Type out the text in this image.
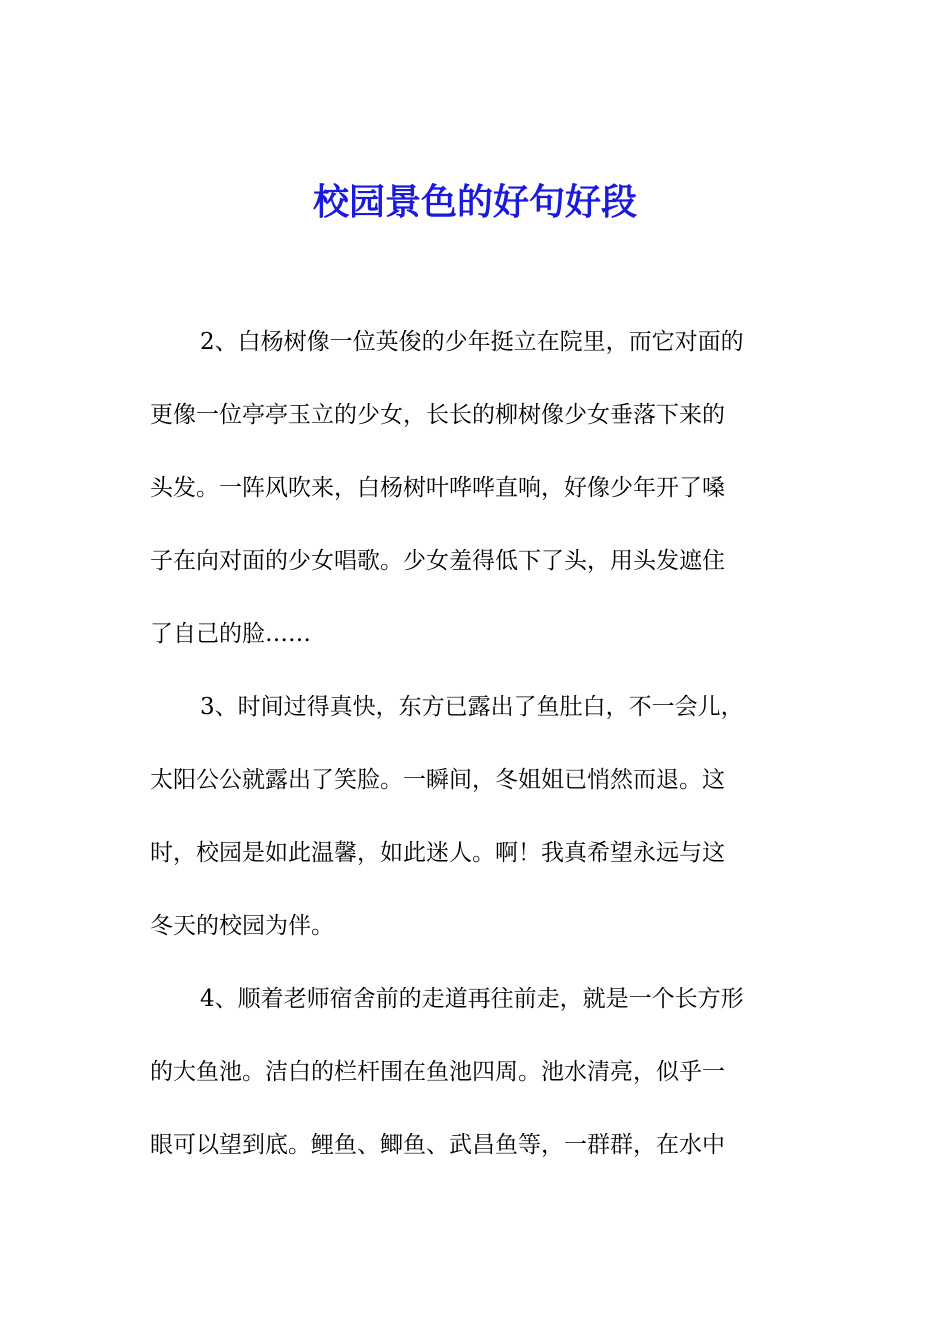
校园景色的好句好段
2、白杨树像一位英俊的少年挺立在院里，而它对面的
更像一位亭亭玉立的少女，长长的柳树像少女垂落下来的
头发。一阵风吹来，白杨树叶哗哗直响，好像少年开了嗓
子在向对面的少女唱歌。少女羞得低下了头，用头发遮住
了自己的脸……
3、时间过得真快，东方已露出了鱼肚白，不一会儿，
太阳公公就露出了笑脸。一瞬间，冬姐姐已悄然而退。这
时，校园是如此温馨，如此迷人。啊！我真希望永远与这
冬天的校园为伴。
4、顺着老师宿舍前的走道再往前走，就是一个长方形
的大鱼池。洁白的栏杆围在鱼池四周。池水清亮，似乎一
眼可以望到底。鲤鱼、鲫鱼、武昌鱼等，一群群，在水中
